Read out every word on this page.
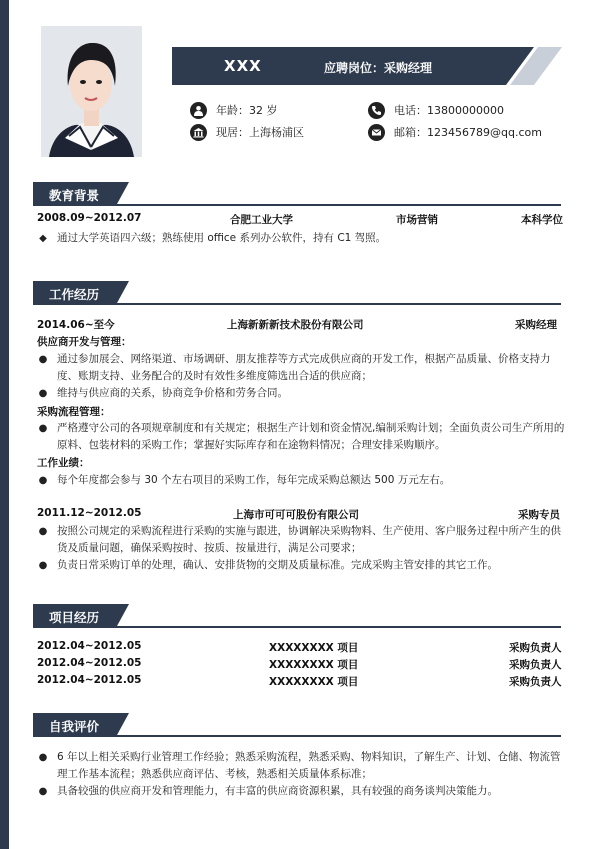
XXX	应聘岗位：采购经理
年龄：32 岁
现居：上海杨浦区
电话：13800000000
邮箱：123456789@qq.com
教育背景
2008.09~2012.07	合肥工业大学	市场营销	本科学位

◆ 通过大学英语四六级；熟练使用 office 系列办公软件，持有 C1 驾照。

工作经历
2014.06~至今	上海新新新技术股份有限公司	采购经理
供应商开发与管理：

● 通过参加展会、网络渠道、市场调研、朋友推荐等方式完成供应商的开发工作，根据产品质量、价格支持力度、账期支持、业务配合的及时有效性多维度筛选出合适的供应商；

● 维持与供应商的关系，协商竞争价格和劳务合同。

采购流程管理：

● 严格遵守公司的各项规章制度和有关规定；根据生产计划和资金情况,编制采购计划；全面负责公司生产所用的原料、包装材料的采购工作；掌握好实际库存和在途物料情况；合理安排采购顺序。

工作业绩：

● 每个年度都会参与 30 个左右项目的采购工作，每年完成采购总额达 500 万元左右。

2011.12~2012.05	上海市可可可股份有限公司	采购专员

● 按照公司规定的采购流程进行采购的实施与跟进，协调解决采购物料、生产使用、客户服务过程中所产生的供货及质量问题，确保采购按时、按质、按量进行，满足公司要求；

● 负责日常采购订单的处理，确认、安排货物的交期及质量标准。完成采购主管安排的其它工作。

项目经历
2012.04~2012.05	XXXXXXXX 项目	采购负责人
2012.04~2012.05	XXXXXXXX 项目	采购负责人
2012.04~2012.05	XXXXXXXX 项目	采购负责人
自我评价

● 6 年以上相关采购行业管理工作经验；熟悉采购流程，熟悉采购、物料知识，了解生产、计划、仓储、物流管理工作基本流程；熟悉供应商评估、考核，熟悉相关质量体系标准；

● 具备较强的供应商开发和管理能力，有丰富的供应商资源积累，具有较强的商务谈判决策能力。
